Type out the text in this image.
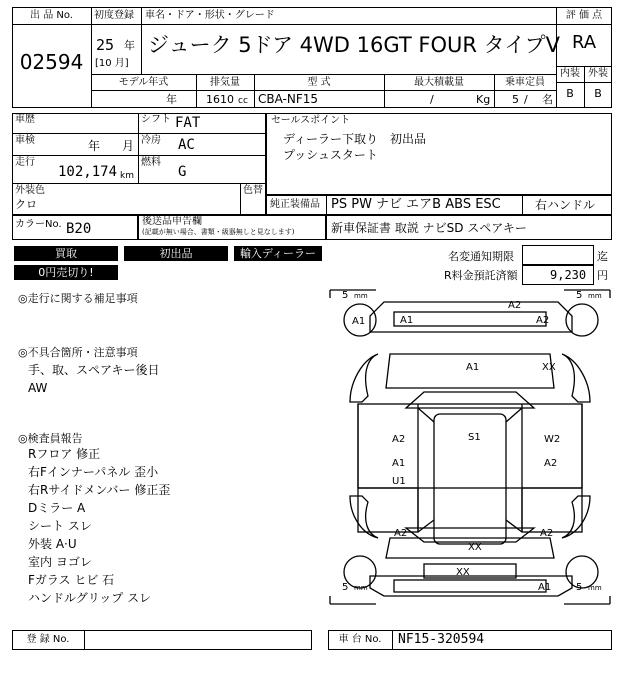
出 品 No.
02594
初度登録 車名・ドア・形状・グレード
25 年
[10 月]
ジューク 5ドア 4WD 16GT FOUR タイプV
評 価 点
RA
内装 外装
B	B
モデル年式
年
排気量
1610 cc
型 式
CBA-NF15
最大積載量
/	Kg
乗車定員
5 / 名
車歴	シフト FAT
車検	年 月 冷房 AC
走行
102,174 km
燃料
G
外装色
クロ
色替
セールスポイント
ディーラー下取り　初出品
プッシュスタート
純正装備品 PS PW ナビ エアB ABS ESC	右ハンドル
カラーNo. B20	後送品申告欄
(記載が無い場合、書類・級器無しと見なします)	新車保証書 取説 ナビSD スペアキー
買取	初出品	輸入ディーラー
0円売切り!
名変通知期限	迄
R料金預託済額	9,230 円
◎走行に関する補足事項
◎不具合箇所・注意事項
手、取、スペアキー後日
AW
◎検査員報告
Rフロア 修正
右Fインナーパネル 歪小
右Rサイドメンバー 修正歪
Dミラー A
シート スレ
外装 A·U
室内 ヨゴレ
Fガラス ヒビ 石
ハンドルグリップ スレ
5 mm	5 mm
5 mm	5 mm
A2
A1	A2
A1
A1	XX
A2	S1	W2
A2
A1
U1
A2
XX
A2
XX
A1
登 録 No.	車 台 No.	NF15-320594
